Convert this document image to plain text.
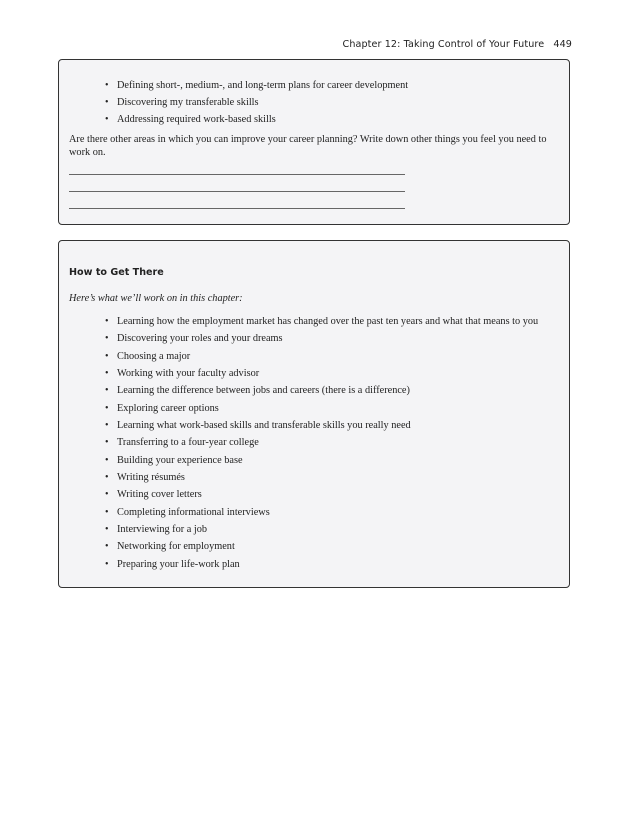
Chapter 12: Taking Control of Your Future 449
• Defining short-, medium-, and long-term plans for career development
• Discovering my transferable skills
• Addressing required work-based skills
Are there other areas in which you can improve your career planning? Write down other things you feel you need to work on.
How to Get There
Here’s what we’ll work on in this chapter:
• Learning how the employment market has changed over the past ten years and what that means to you
• Discovering your roles and your dreams
• Choosing a major
• Working with your faculty advisor
• Learning the difference between jobs and careers (there is a difference)
• Exploring career options
• Learning what work-based skills and transferable skills you really need
• Transferring to a four-year college
• Building your experience base
• Writing résumés
• Writing cover letters
• Completing informational interviews
• Interviewing for a job
• Networking for employment
• Preparing your life-work plan
